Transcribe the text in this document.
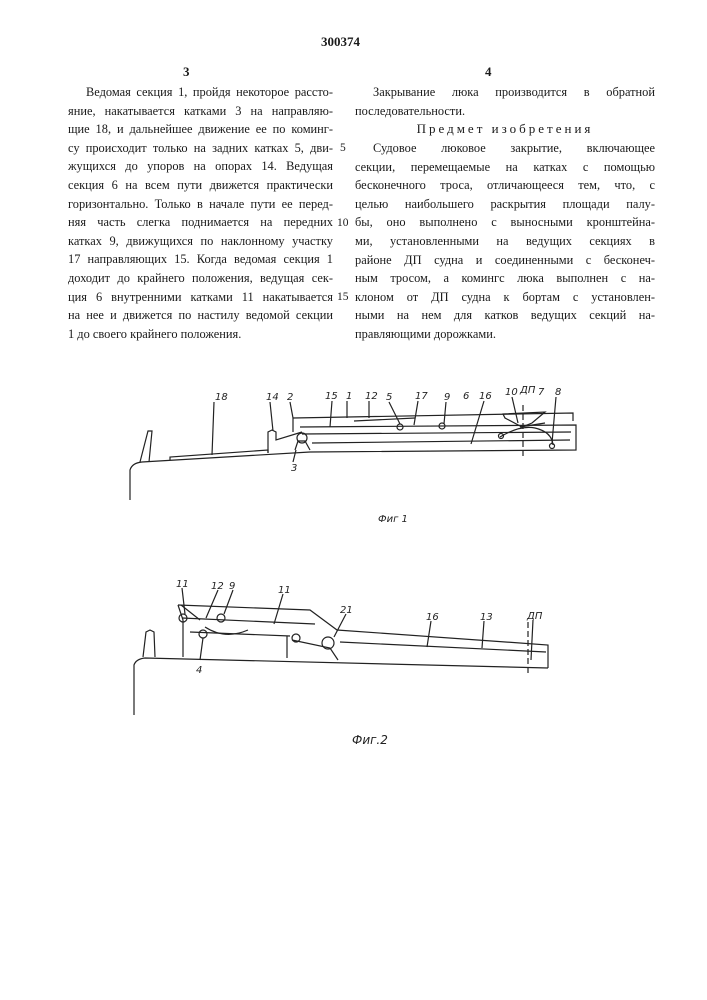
300374
3	4
Ведомая секция 1, пройдя некоторое рассто-
яние, накатывается катками 3 на направляю-
щие 18, и дальнейшее движение ее по коминг-
су происходит только на задних катках 5, дви-
жущихся до упоров на опорах 14. Ведущая
секция 6 на всем пути движется практически
горизонтально. Только в начале пути ее перед-
няя часть слегка поднимается на передних
катках 9, движущихся по наклонному участку
17 направляющих 15. Когда ведомая секция 1
доходит до крайнего положения, ведущая сек-
ция 6 внутренними катками 11 накатывается
на нее и движется по настилу ведомой секции
1 до своего крайнего положения.
Закрывание люка производится в обратной
последовательности.
Предмет изобретения
Судовое люковое закрытие, включающее
секции, перемещаемые на катках с помощью
бесконечного троса, отличающееся тем, что, с
целью наибольшего раскрытия площади палу-
бы, оно выполнено с выносными кронштейна-
ми, установленными на ведущих секциях в
районе ДП судна и соединенными с бесконеч-
ным тросом, а комингс люка выполнен с на-
клоном от ДП судна к бортам с установлен-
ными на нем для катков ведущих секций на-
правляющими дорожками.
5
10
15
18	14 2	15 1 12 5 17 9 6 16 10 ДП 7 8
3
Фиг 1
11 12 9	11
21
16	13	ДП
4
Фиг.2
